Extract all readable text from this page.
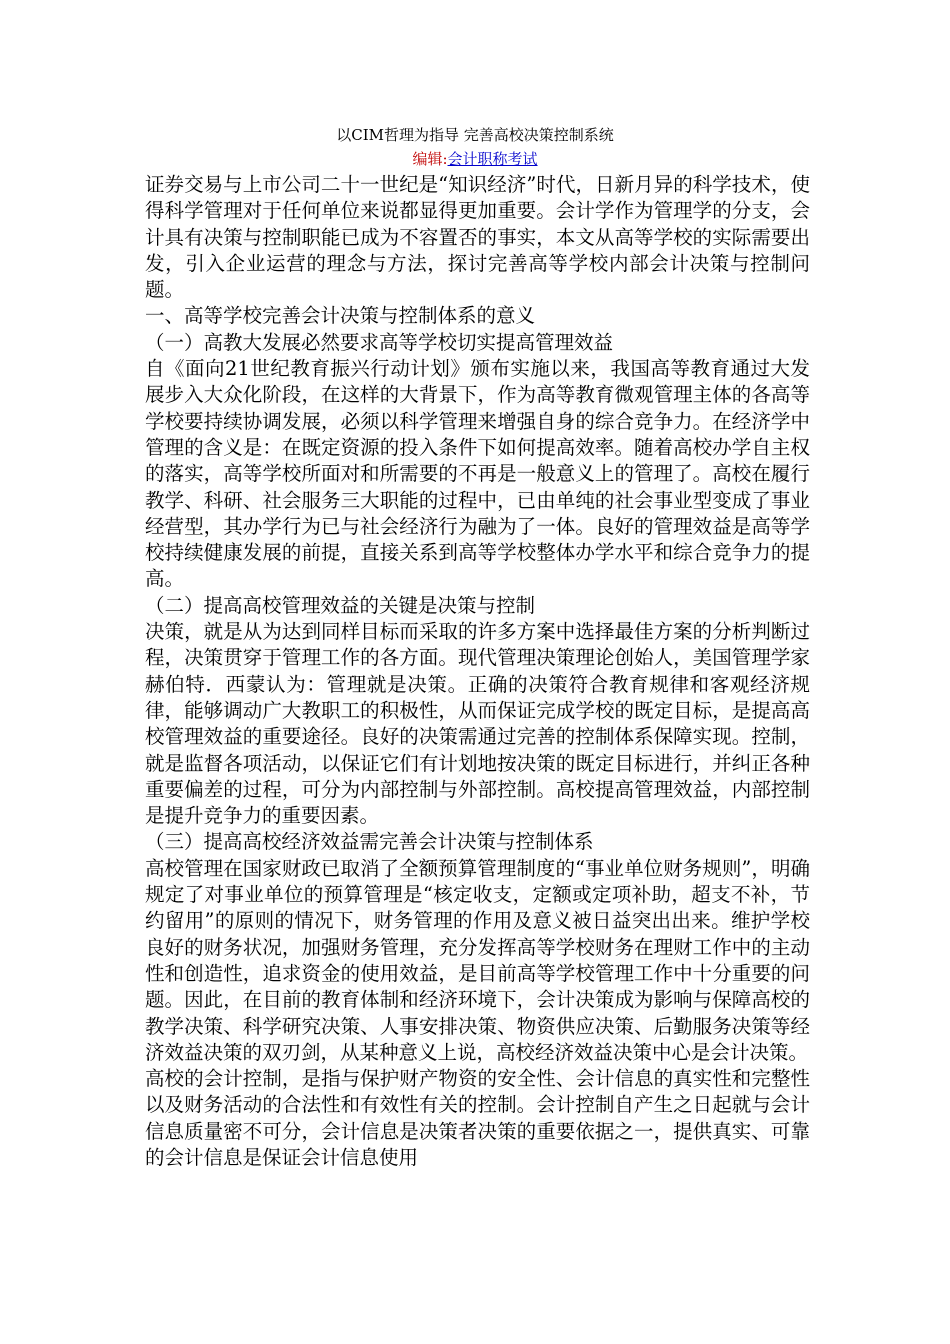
以CIM哲理为指导 完善高校决策控制系统

编辑:会计职称考试

证券交易与上市公司二十一世纪是“知识经济”时代，日新月异的科学技术，使得科学管理对于任何单位来说都显得更加重要。会计学作为管理学的分支，会计具有决策与控制职能已成为不容置否的事实，本文从高等学校的实际需要出发，引入企业运营的理念与方法，探讨完善高等学校内部会计决策与控制问题。

一、高等学校完善会计决策与控制体系的意义

（一）高教大发展必然要求高等学校切实提高管理效益

自《面向21世纪教育振兴行动计划》颁布实施以来，我国高等教育通过大发展步入大众化阶段，在这样的大背景下，作为高等教育微观管理主体的各高等学校要持续协调发展，必须以科学管理来增强自身的综合竞争力。在经济学中管理的含义是：在既定资源的投入条件下如何提高效率。随着高校办学自主权的落实，高等学校所面对和所需要的不再是一般意义上的管理了。高校在履行教学、科研、社会服务三大职能的过程中，已由单纯的社会事业型变成了事业经营型，其办学行为已与社会经济行为融为了一体。良好的管理效益是高等学校持续健康发展的前提，直接关系到高等学校整体办学水平和综合竞争力的提高。

（二）提高高校管理效益的关键是决策与控制

决策，就是从为达到同样目标而采取的许多方案中选择最佳方案的分析判断过程，决策贯穿于管理工作的各方面。现代管理决策理论创始人，美国管理学家赫伯特．西蒙认为：管理就是决策。正确的决策符合教育规律和客观经济规律，能够调动广大教职工的积极性，从而保证完成学校的既定目标，是提高高校管理效益的重要途径。良好的决策需通过完善的控制体系保障实现。控制，就是监督各项活动，以保证它们有计划地按决策的既定目标进行，并纠正各种重要偏差的过程，可分为内部控制与外部控制。高校提高管理效益，内部控制是提升竞争力的重要因素。

（三）提高高校经济效益需完善会计决策与控制体系

高校管理在国家财政已取消了全额预算管理制度的“事业单位财务规则”，明确规定了对事业单位的预算管理是“核定收支，定额或定项补助，超支不补，节约留用”的原则的情况下，财务管理的作用及意义被日益突出出来。维护学校良好的财务状况，加强财务管理，充分发挥高等学校财务在理财工作中的主动性和创造性，追求资金的使用效益，是目前高等学校管理工作中十分重要的问题。因此，在目前的教育体制和经济环境下，会计决策成为影响与保障高校的教学决策、科学研究决策、人事安排决策、物资供应决策、后勤服务决策等经济效益决策的双刃剑，从某种意义上说，高校经济效益决策中心是会计决策。

高校的会计控制，是指与保护财产物资的安全性、会计信息的真实性和完整性以及财务活动的合法性和有效性有关的控制。会计控制自产生之日起就与会计信息质量密不可分，会计信息是决策者决策的重要依据之一，提供真实、可靠的会计信息是保证会计信息使用
